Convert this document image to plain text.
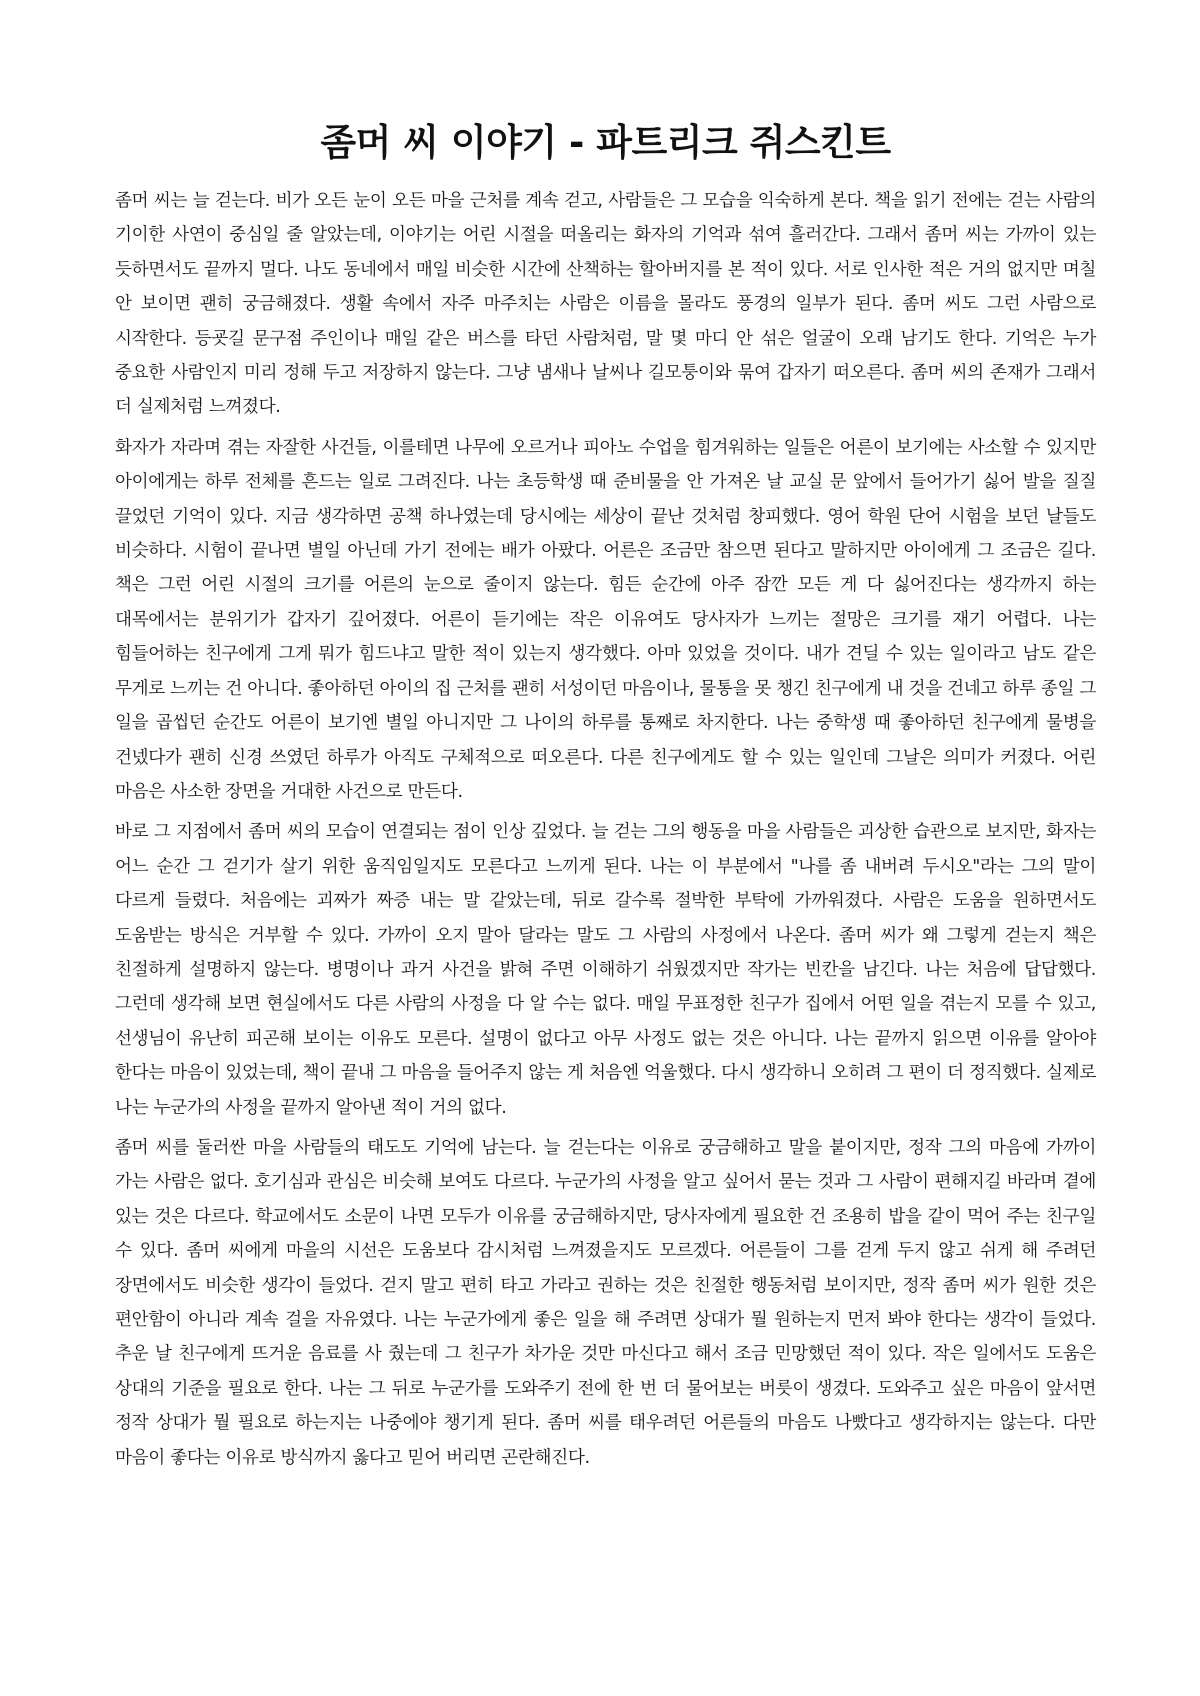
좀머 씨 이야기 - 파트리크 쥐스킨트

좀머 씨는 늘 걷는다. 비가 오든 눈이 오든 마을 근처를 계속 걷고, 사람들은 그 모습을 익숙하게 본다. 책을 읽기 전에는 걷는 사람의 기이한 사연이 중심일 줄 알았는데, 이야기는 어린 시절을 떠올리는 화자의 기억과 섞여 흘러간다. 그래서 좀머 씨는 가까이 있는 듯하면서도 끝까지 멀다. 나도 동네에서 매일 비슷한 시간에 산책하는 할아버지를 본 적이 있다. 서로 인사한 적은 거의 없지만 며칠 안 보이면 괜히 궁금해졌다. 생활 속에서 자주 마주치는 사람은 이름을 몰라도 풍경의 일부가 된다. 좀머 씨도 그런 사람으로 시작한다. 등굣길 문구점 주인이나 매일 같은 버스를 타던 사람처럼, 말 몇 마디 안 섞은 얼굴이 오래 남기도 한다. 기억은 누가 중요한 사람인지 미리 정해 두고 저장하지 않는다. 그냥 냄새나 날씨나 길모퉁이와 묶여 갑자기 떠오른다. 좀머 씨의 존재가 그래서 더 실제처럼 느껴졌다.

화자가 자라며 겪는 자잘한 사건들, 이를테면 나무에 오르거나 피아노 수업을 힘겨워하는 일들은 어른이 보기에는 사소할 수 있지만 아이에게는 하루 전체를 흔드는 일로 그려진다. 나는 초등학생 때 준비물을 안 가져온 날 교실 문 앞에서 들어가기 싫어 발을 질질 끌었던 기억이 있다. 지금 생각하면 공책 하나였는데 당시에는 세상이 끝난 것처럼 창피했다. 영어 학원 단어 시험을 보던 날들도 비슷하다. 시험이 끝나면 별일 아닌데 가기 전에는 배가 아팠다. 어른은 조금만 참으면 된다고 말하지만 아이에게 그 조금은 길다. 책은 그런 어린 시절의 크기를 어른의 눈으로 줄이지 않는다. 힘든 순간에 아주 잠깐 모든 게 다 싫어진다는 생각까지 하는 대목에서는 분위기가 갑자기 깊어졌다. 어른이 듣기에는 작은 이유여도 당사자가 느끼는 절망은 크기를 재기 어렵다. 나는 힘들어하는 친구에게 그게 뭐가 힘드냐고 말한 적이 있는지 생각했다. 아마 있었을 것이다. 내가 견딜 수 있는 일이라고 남도 같은 무게로 느끼는 건 아니다. 좋아하던 아이의 집 근처를 괜히 서성이던 마음이나, 물통을 못 챙긴 친구에게 내 것을 건네고 하루 종일 그 일을 곱씹던 순간도 어른이 보기엔 별일 아니지만 그 나이의 하루를 통째로 차지한다. 나는 중학생 때 좋아하던 친구에게 물병을 건넸다가 괜히 신경 쓰였던 하루가 아직도 구체적으로 떠오른다. 다른 친구에게도 할 수 있는 일인데 그날은 의미가 커졌다. 어린 마음은 사소한 장면을 거대한 사건으로 만든다.

바로 그 지점에서 좀머 씨의 모습이 연결되는 점이 인상 깊었다. 늘 걷는 그의 행동을 마을 사람들은 괴상한 습관으로 보지만, 화자는 어느 순간 그 걷기가 살기 위한 움직임일지도 모른다고 느끼게 된다. 나는 이 부분에서 "나를 좀 내버려 두시오"라는 그의 말이 다르게 들렸다. 처음에는 괴짜가 짜증 내는 말 같았는데, 뒤로 갈수록 절박한 부탁에 가까워졌다. 사람은 도움을 원하면서도 도움받는 방식은 거부할 수 있다. 가까이 오지 말아 달라는 말도 그 사람의 사정에서 나온다. 좀머 씨가 왜 그렇게 걷는지 책은 친절하게 설명하지 않는다. 병명이나 과거 사건을 밝혀 주면 이해하기 쉬웠겠지만 작가는 빈칸을 남긴다. 나는 처음에 답답했다. 그런데 생각해 보면 현실에서도 다른 사람의 사정을 다 알 수는 없다. 매일 무표정한 친구가 집에서 어떤 일을 겪는지 모를 수 있고, 선생님이 유난히 피곤해 보이는 이유도 모른다. 설명이 없다고 아무 사정도 없는 것은 아니다. 나는 끝까지 읽으면 이유를 알아야 한다는 마음이 있었는데, 책이 끝내 그 마음을 들어주지 않는 게 처음엔 억울했다. 다시 생각하니 오히려 그 편이 더 정직했다. 실제로 나는 누군가의 사정을 끝까지 알아낸 적이 거의 없다.

좀머 씨를 둘러싼 마을 사람들의 태도도 기억에 남는다. 늘 걷는다는 이유로 궁금해하고 말을 붙이지만, 정작 그의 마음에 가까이 가는 사람은 없다. 호기심과 관심은 비슷해 보여도 다르다. 누군가의 사정을 알고 싶어서 묻는 것과 그 사람이 편해지길 바라며 곁에 있는 것은 다르다. 학교에서도 소문이 나면 모두가 이유를 궁금해하지만, 당사자에게 필요한 건 조용히 밥을 같이 먹어 주는 친구일 수 있다. 좀머 씨에게 마을의 시선은 도움보다 감시처럼 느껴졌을지도 모르겠다. 어른들이 그를 걷게 두지 않고 쉬게 해 주려던 장면에서도 비슷한 생각이 들었다. 걷지 말고 편히 타고 가라고 권하는 것은 친절한 행동처럼 보이지만, 정작 좀머 씨가 원한 것은 편안함이 아니라 계속 걸을 자유였다. 나는 누군가에게 좋은 일을 해 주려면 상대가 뭘 원하는지 먼저 봐야 한다는 생각이 들었다. 추운 날 친구에게 뜨거운 음료를 사 줬는데 그 친구가 차가운 것만 마신다고 해서 조금 민망했던 적이 있다. 작은 일에서도 도움은 상대의 기준을 필요로 한다. 나는 그 뒤로 누군가를 도와주기 전에 한 번 더 물어보는 버릇이 생겼다. 도와주고 싶은 마음이 앞서면 정작 상대가 뭘 필요로 하는지는 나중에야 챙기게 된다. 좀머 씨를 태우려던 어른들의 마음도 나빴다고 생각하지는 않는다. 다만 마음이 좋다는 이유로 방식까지 옳다고 믿어 버리면 곤란해진다.
